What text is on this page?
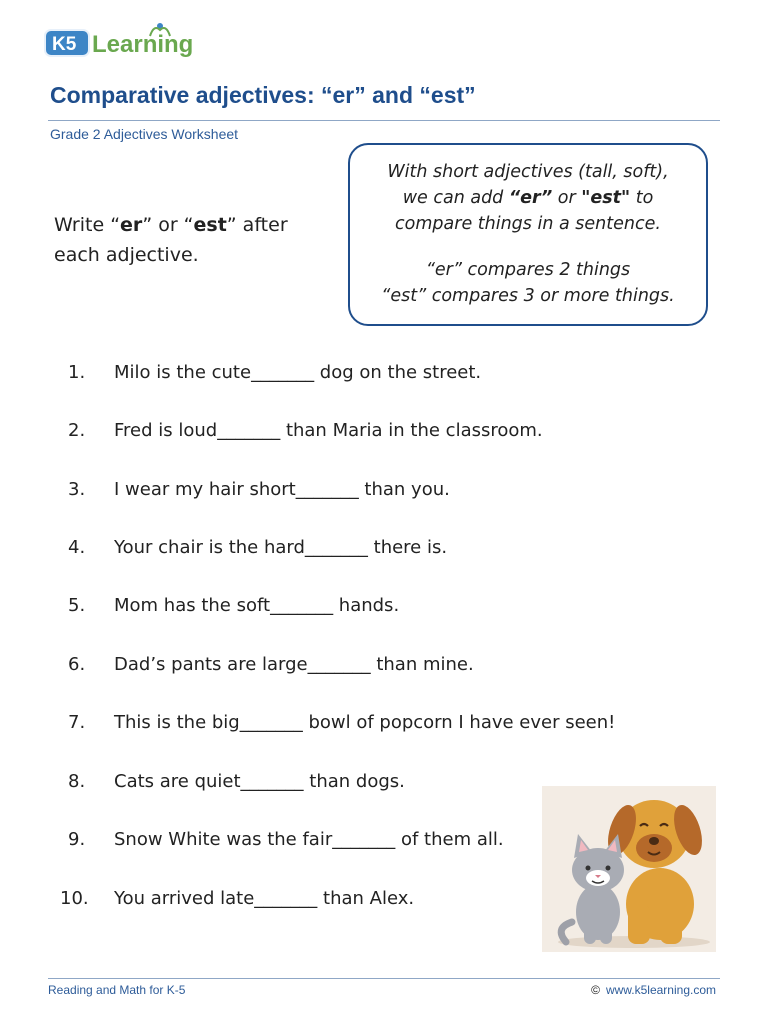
K5 Learning
Comparative adjectives: “er” and “est”
Grade 2 Adjectives Worksheet
Write “er” or “est” after each adjective.

With short adjectives (tall, soft),

we can add “er” or "est" to

compare things in a sentence.

“er” compares 2 things

“est” compares 3 or more things.

1. Milo is the cute_______ dog on the street.
2. Fred is loud_______ than Maria in the classroom.
3. I wear my hair short_______ than you.
4. Your chair is the hard_______ there is.
5. Mom has the soft_______ hands.
6. Dad’s pants are large_______ than mine.
7. This is the big_______ bowl of popcorn I have ever seen!
8. Cats are quiet_______ than dogs.
9. Snow White was the fair_______ of them all.
10. You arrived late_______ than Alex.
Reading and Math for K-5	© www.k5learning.com
